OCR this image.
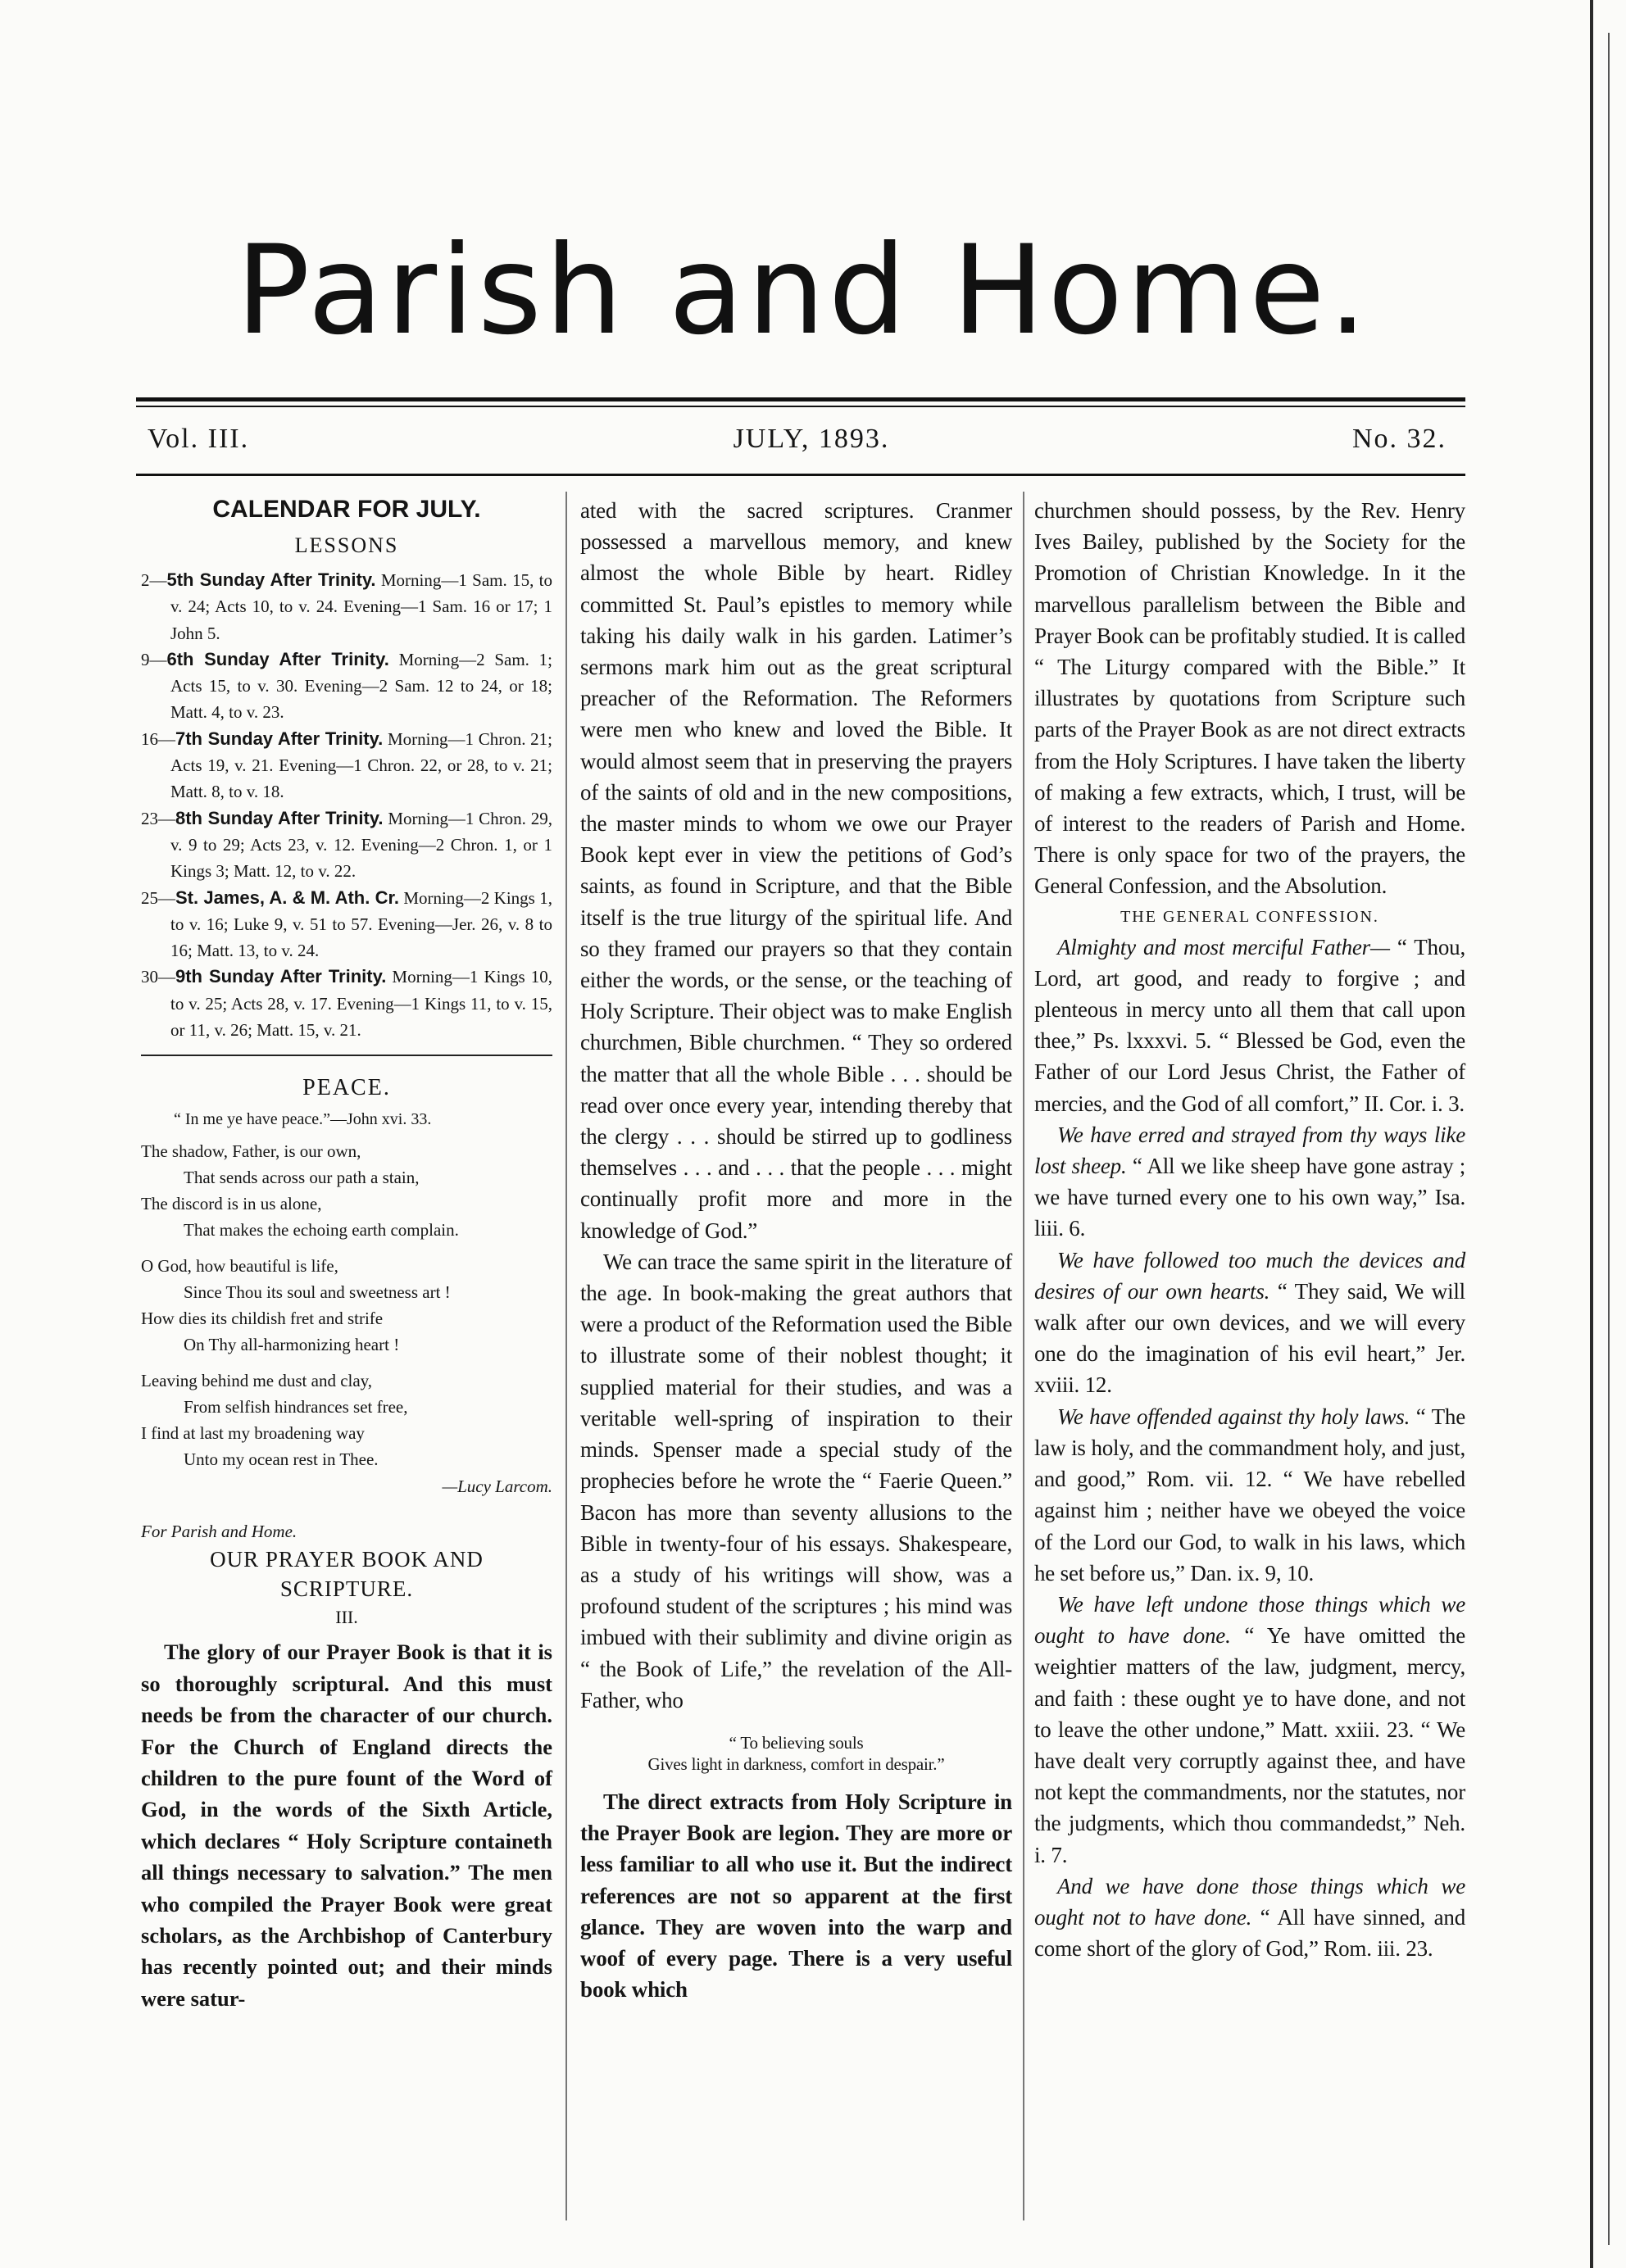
Parish and Home.
Vol. III.	JULY, 1893.	No. 32.
CALENDAR FOR JULY.
LESSONS

2—5th Sunday After Trinity. Morning—1 Sam. 15, to v. 24; Acts 10, to v. 24. Evening—1 Sam. 16 or 17; 1 John 5.

9—6th Sunday After Trinity. Morning—2 Sam. 1; Acts 15, to v. 30. Evening—2 Sam. 12 to 24, or 18; Matt. 4, to v. 23.

16—7th Sunday After Trinity. Morning—1 Chron. 21; Acts 19, v. 21. Evening—1 Chron. 22, or 28, to v. 21; Matt. 8, to v. 18.

23—8th Sunday After Trinity. Morning—1 Chron. 29, v. 9 to 29; Acts 23, v. 12. Evening—2 Chron. 1, or 1 Kings 3; Matt. 12, to v. 22.

25—St. James, A. & M. Ath. Cr. Morning—2 Kings 1, to v. 16; Luke 9, v. 51 to 57. Evening—Jer. 26, v. 8 to 16; Matt. 13, to v. 24.

30—9th Sunday After Trinity. Morning—1 Kings 10, to v. 25; Acts 28, v. 17. Evening—1 Kings 11, to v. 15, or 11, v. 26; Matt. 15, v. 21.

PEACE.
“ In me ye have peace.”—John xvi. 33.
The shadow, Father, is our own,
That sends across our path a stain,
The discord is in us alone,
That makes the echoing earth complain.
O God, how beautiful is life,
Since Thou its soul and sweetness art !
How dies its childish fret and strife
On Thy all-harmonizing heart !
Leaving behind me dust and clay,
From selfish hindrances set free,
I find at last my broadening way
Unto my ocean rest in Thee.
—Lucy Larcom.
For Parish and Home.
OUR PRAYER BOOK AND SCRIPTURE.
III.

The glory of our Prayer Book is that it is so thoroughly scriptural. And this must needs be from the character of our church. For the Church of England directs the children to the pure fount of the Word of God, in the words of the Sixth Article, which declares “ Holy Scripture containeth all things necessary to salvation.” The men who compiled the Prayer Book were great scholars, as the Archbishop of Canterbury has recently pointed out; and their minds were satur-

ated with the sacred scriptures. Cranmer possessed a marvellous memory, and knew almost the whole Bible by heart. Ridley committed St. Paul’s epistles to memory while taking his daily walk in his garden. Latimer’s sermons mark him out as the great scriptural preacher of the Reformation. The Reformers were men who knew and loved the Bible. It would almost seem that in preserving the prayers of the saints of old and in the new compositions, the master minds to whom we owe our Prayer Book kept ever in view the petitions of God’s saints, as found in Scripture, and that the Bible itself is the true liturgy of the spiritual life. And so they framed our prayers so that they contain either the words, or the sense, or the teaching of Holy Scripture. Their object was to make English churchmen, Bible churchmen. “ They so ordered the matter that all the whole Bible . . . should be read over once every year, intending thereby that the clergy . . . should be stirred up to godliness themselves . . . and . . . that the people . . . might continually profit more and more in the knowledge of God.”

We can trace the same spirit in the literature of the age. In book-making the great authors that were a product of the Reformation used the Bible to illustrate some of their noblest thought; it supplied material for their studies, and was a veritable well-spring of inspiration to their minds. Spenser made a special study of the prophecies before he wrote the “ Faerie Queen.” Bacon has more than seventy allusions to the Bible in twenty-four of his essays. Shakespeare, as a study of his writings will show, was a profound student of the scriptures ; his mind was imbued with their sublimity and divine origin as “ the Book of Life,” the revelation of the All-Father, who

“ To believing souls
Gives light in darkness, comfort in despair.”

The direct extracts from Holy Scripture in the Prayer Book are legion. They are more or less familiar to all who use it. But the indirect references are not so apparent at the first glance. They are woven into the warp and woof of every page. There is a very useful book which

churchmen should possess, by the Rev. Henry Ives Bailey, published by the Society for the Promotion of Christian Knowledge. In it the marvellous parallelism between the Bible and Prayer Book can be profitably studied. It is called “ The Liturgy compared with the Bible.” It illustrates by quotations from Scripture such parts of the Prayer Book as are not direct extracts from the Holy Scriptures. I have taken the liberty of making a few extracts, which, I trust, will be of interest to the readers of Parish and Home. There is only space for two of the prayers, the General Confession, and the Absolution.

THE GENERAL CONFESSION.

Almighty and most merciful Father— “ Thou, Lord, art good, and ready to forgive ; and plenteous in mercy unto all them that call upon thee,” Ps. lxxxvi. 5. “ Blessed be God, even the Father of our Lord Jesus Christ, the Father of mercies, and the God of all comfort,” II. Cor. i. 3.

We have erred and strayed from thy ways like lost sheep. “ All we like sheep have gone astray ; we have turned every one to his own way,” Isa. liii. 6.

We have followed too much the devices and desires of our own hearts. “ They said, We will walk after our own devices, and we will every one do the imagination of his evil heart,” Jer. xviii. 12.

We have offended against thy holy laws. “ The law is holy, and the commandment holy, and just, and good,” Rom. vii. 12. “ We have rebelled against him ; neither have we obeyed the voice of the Lord our God, to walk in his laws, which he set before us,” Dan. ix. 9, 10.

We have left undone those things which we ought to have done. “ Ye have omitted the weightier matters of the law, judgment, mercy, and faith : these ought ye to have done, and not to leave the other undone,” Matt. xxiii. 23. “ We have dealt very corruptly against thee, and have not kept the commandments, nor the statutes, nor the judgments, which thou commandedst,” Neh. i. 7.

And we have done those things which we ought not to have done. “ All have sinned, and come short of the glory of God,” Rom. iii. 23.
